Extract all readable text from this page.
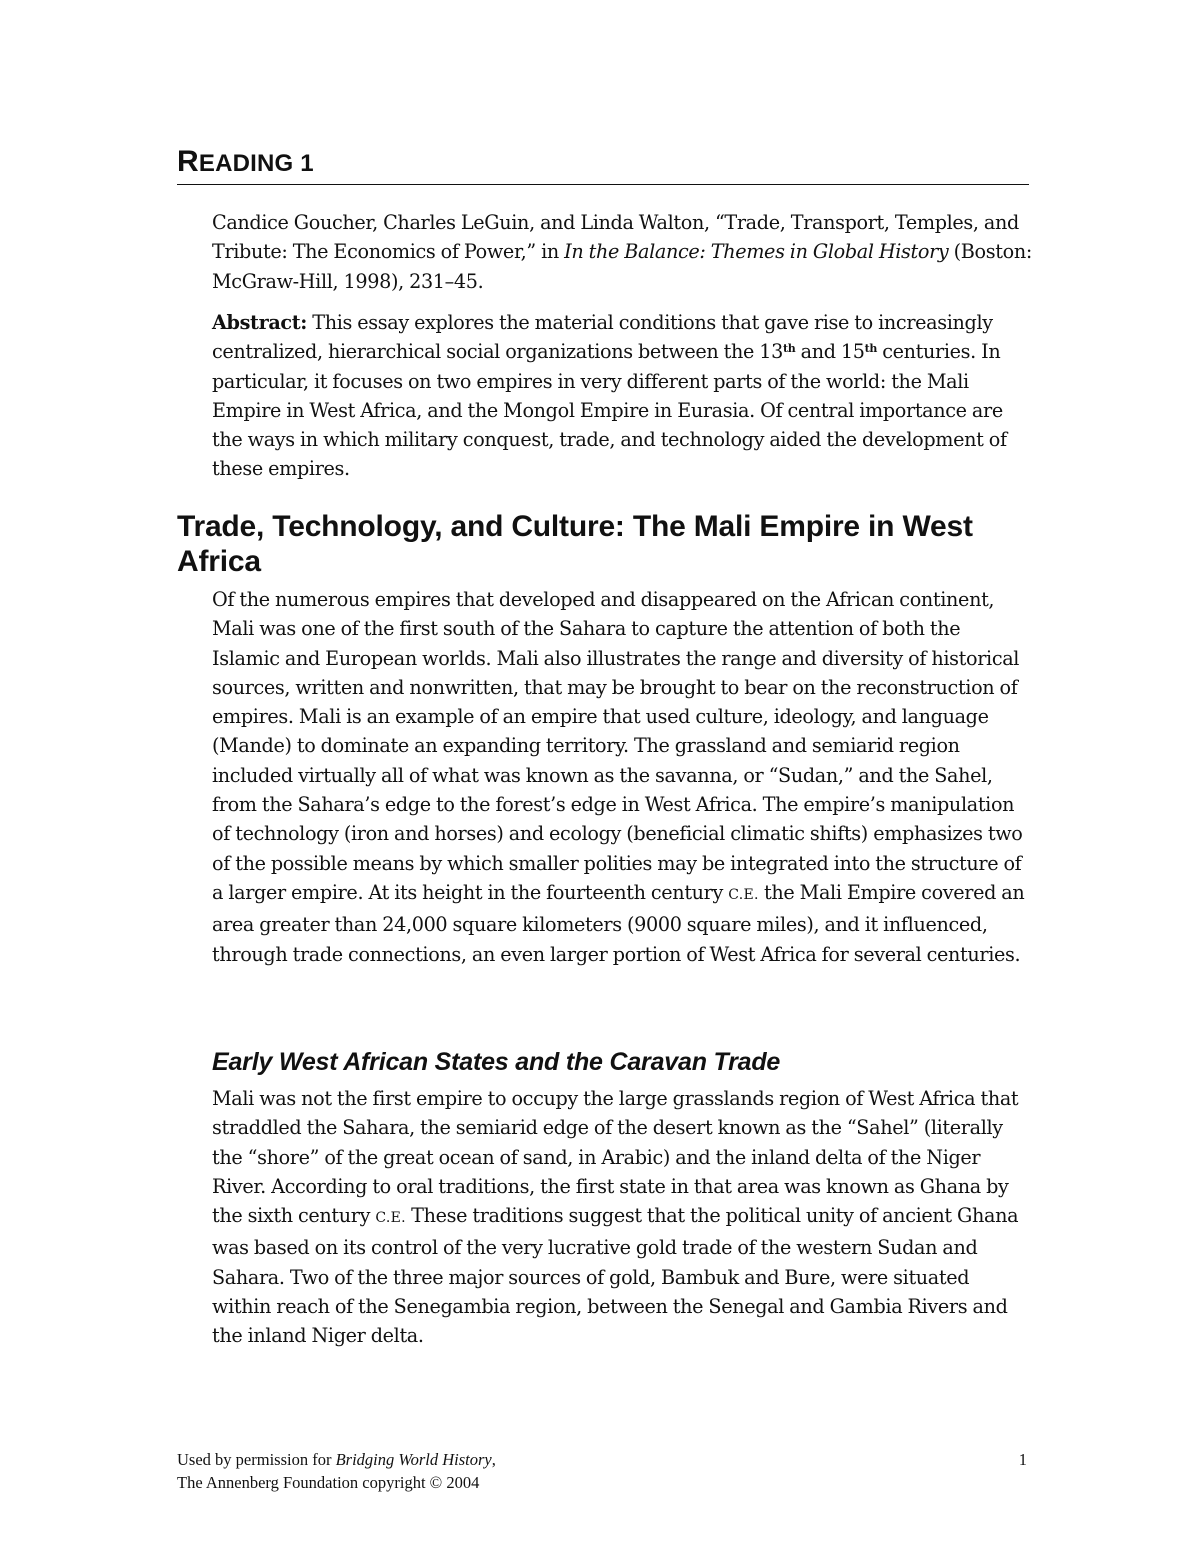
READING 1

Candice Goucher, Charles LeGuin, and Linda Walton, “Trade, Transport, Temples, and Tribute: The Economics of Power,” in In the Balance: Themes in Global History (Boston: McGraw-Hill, 1998), 231–45.

Abstract: This essay explores the material conditions that gave rise to increasingly centralized, hierarchical social organizations between the 13th and 15th centuries. In particular, it focuses on two empires in very different parts of the world: the Mali Empire in West Africa, and the Mongol Empire in Eurasia. Of central importance are the ways in which military conquest, trade, and technology aided the development of these empires.

Trade, Technology, and Culture: The Mali Empire in West Africa

Of the numerous empires that developed and disappeared on the African continent, Mali was one of the first south of the Sahara to capture the attention of both the Islamic and European worlds. Mali also illustrates the range and diversity of historical sources, written and nonwritten, that may be brought to bear on the reconstruction of empires. Mali is an example of an empire that used culture, ideology, and language (Mande) to dominate an expanding territory. The grassland and semiarid region included virtually all of what was known as the savanna, or “Sudan,” and the Sahel, from the Sahara’s edge to the forest’s edge in West Africa. The empire’s manipulation of technology (iron and horses) and ecology (beneficial climatic shifts) emphasizes two of the possible means by which smaller polities may be integrated into the structure of a larger empire. At its height in the fourteenth century C.E. the Mali Empire covered an area greater than 24,000 square kilometers (9000 square miles), and it influenced, through trade connections, an even larger portion of West Africa for several centuries.

Early West African States and the Caravan Trade

Mali was not the first empire to occupy the large grasslands region of West Africa that straddled the Sahara, the semiarid edge of the desert known as the “Sahel” (literally the “shore” of the great ocean of sand, in Arabic) and the inland delta of the Niger River. According to oral traditions, the first state in that area was known as Ghana by the sixth century C.E. These traditions suggest that the political unity of ancient Ghana was based on its control of the very lucrative gold trade of the western Sudan and Sahara. Two of the three major sources of gold, Bambuk and Bure, were situated within reach of the Senegambia region, between the Senegal and Gambia Rivers and the inland Niger delta.

Used by permission for Bridging World History,
The Annenberg Foundation copyright © 2004
1
